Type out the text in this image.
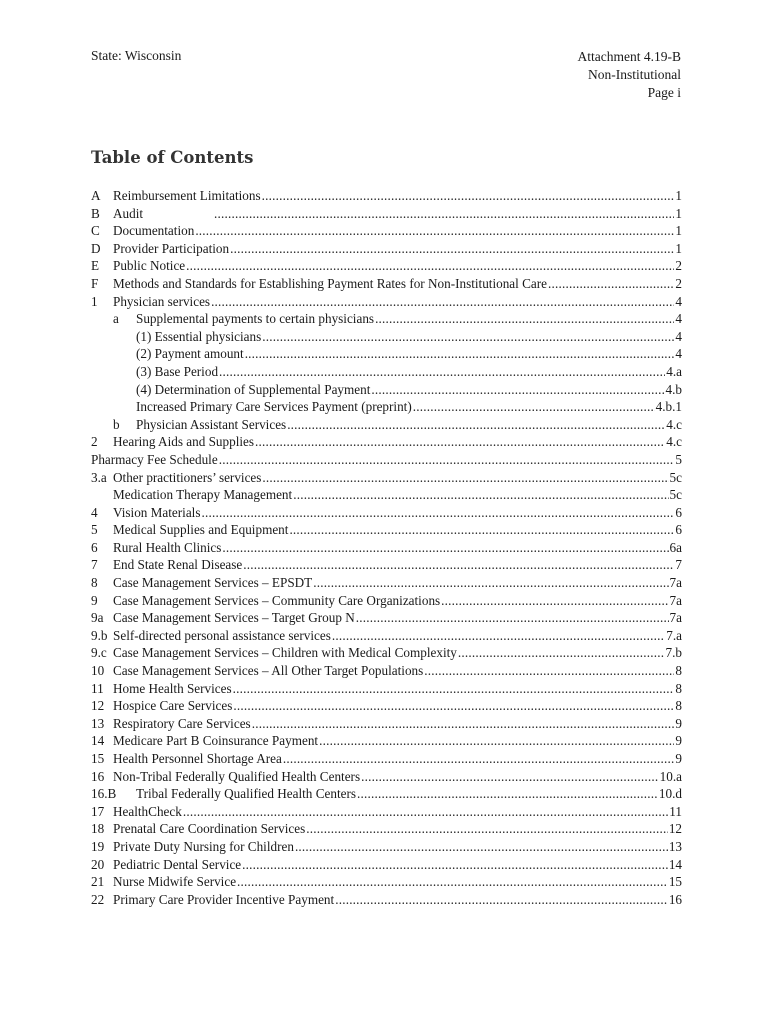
State: Wisconsin	Attachment 4.19-B
Non-Institutional
Page i
Table of Contents
A Reimbursement Limitations .....	1
B	Audit .....	1
C	Documentation .....	1
D Provider Participation .....	1
E	Public Notice .....	2
F	Methods and Standards for Establishing Payment Rates for Non-Institutional Care .....	2
1	Physician services .....	4
a	Supplemental payments to certain physicians .....	4
(1) Essential physicians .....	4
(2) Payment amount .....	4
(3) Base Period .....	4.a
(4) Determination of Supplemental Payment .....	4.b
Increased Primary Care Services Payment (preprint) .....	4.b.1
b	Physician Assistant Services .....	4.c
2	Hearing Aids and Supplies .....	4.c
Pharmacy Fee Schedule .....	5
3.a Other practitioners’ services .....	5c
Medication Therapy Management .....	5c
4	Vision Materials .....	6
5	Medical Supplies and Equipment .....	6
6	Rural Health Clinics .....	6a
7	End State Renal Disease .....	7
8	Case Management Services – EPSDT .....	7a
9	Case Management Services – Community Care Organizations .....	7a
9a Case Management Services – Target Group N .....	7a
9.b Self-directed personal assistance services .....	7.a
9.c Case Management Services – Children with Medical Complexity .....	7.b
10 Case Management Services – All Other Target Populations .....	8
11 Home Health Services .....	8
12 Hospice Care Services .....	8
13 Respiratory Care Services .....	9
14 Medicare Part B Coinsurance Payment .....	9
15 Health Personnel Shortage Area .....	9
16 Non-Tribal Federally Qualified Health Centers .....	10.a
16.B	Tribal Federally Qualified Health Centers .....	10.d
17 HealthCheck .....	11
18 Prenatal Care Coordination Services .....	12
19 Private Duty Nursing for Children .....	13
20 Pediatric Dental Service .....	14
21 Nurse Midwife Service .....	15
22 Primary Care Provider Incentive Payment .....	16
